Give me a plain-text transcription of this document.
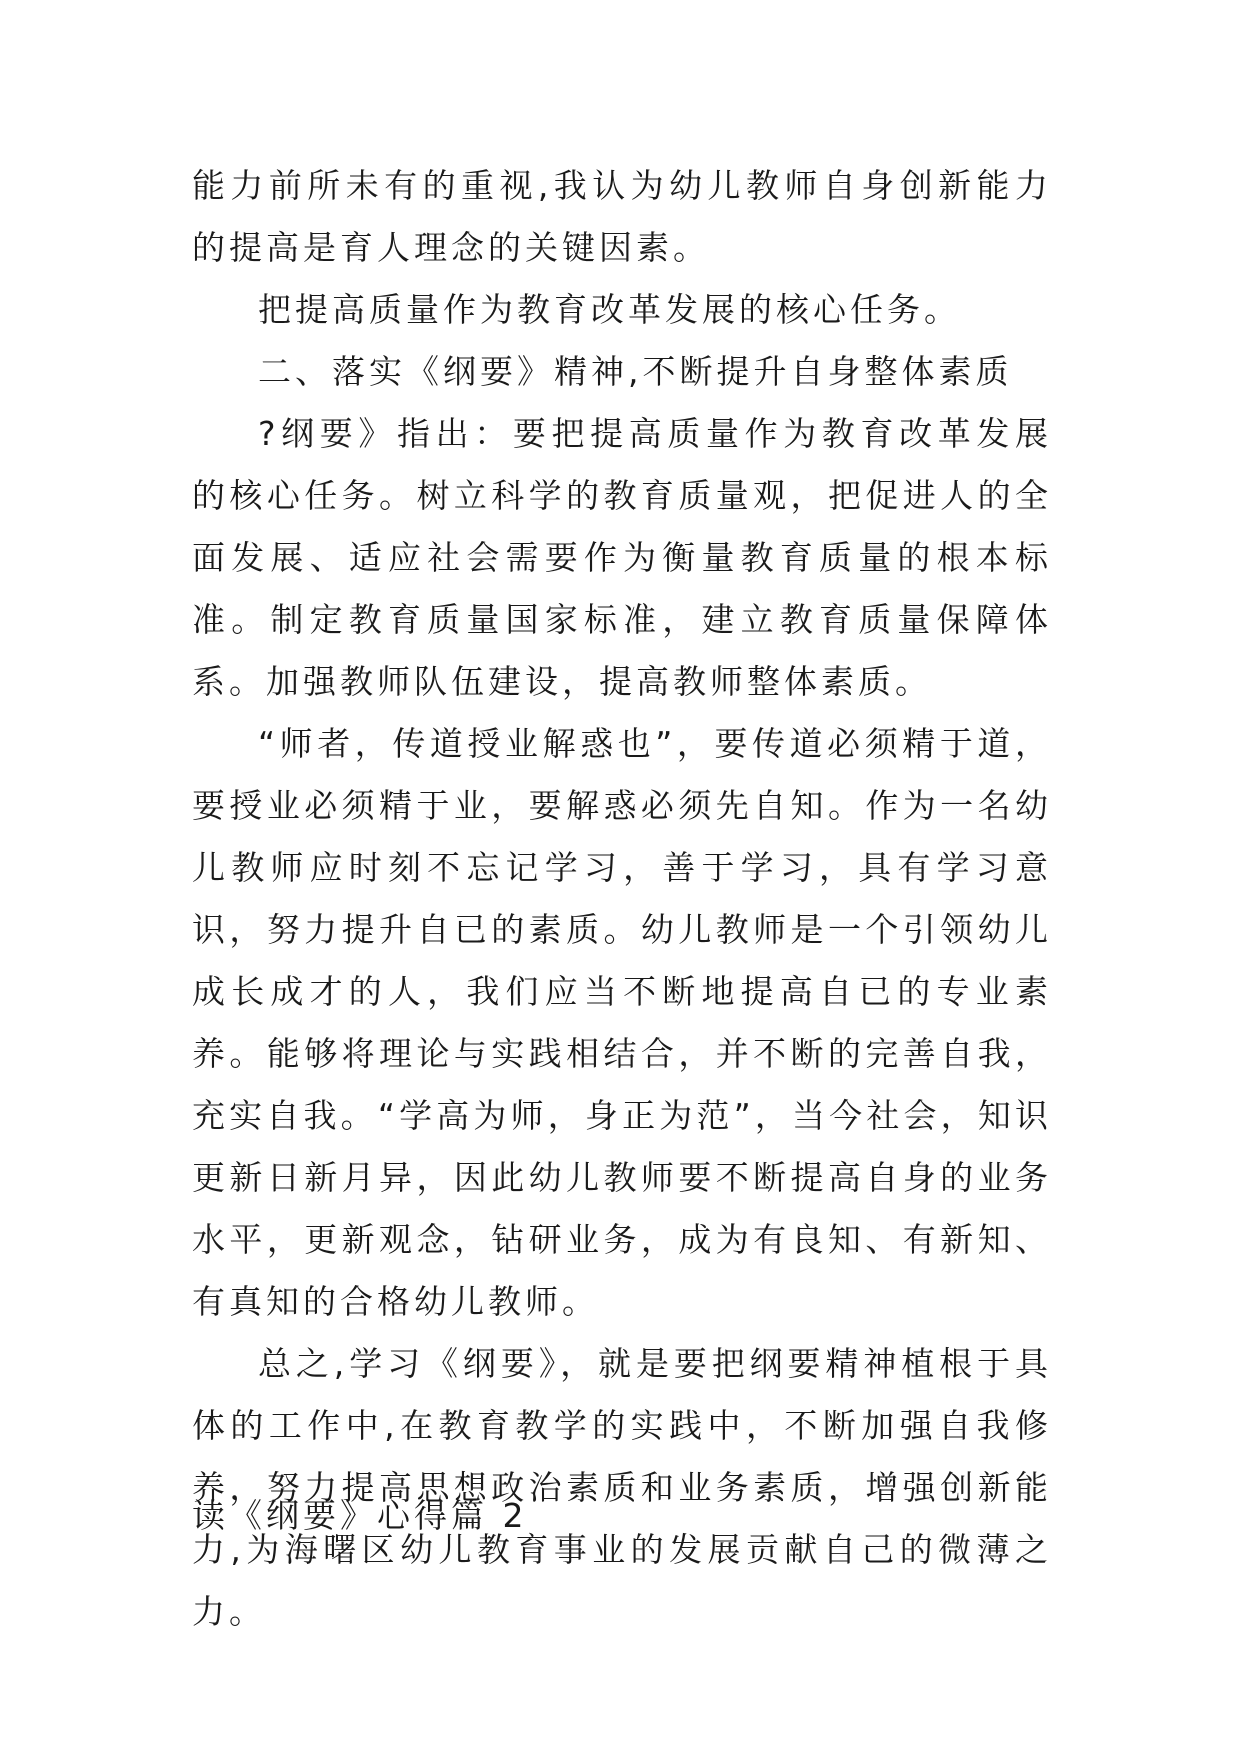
能力前所未有的重视,我认为幼儿教师自身创新能力的提高是育人理念的关键因素。

把提高质量作为教育改革发展的核心任务。

二、落实《纲要》精神,不断提升自身整体素质

?纲要》指出：要把提高质量作为教育改革发展的核心任务。树立科学的教育质量观，把促进人的全面发展、适应社会需要作为衡量教育质量的根本标准。制定教育质量国家标准，建立教育质量保障体系。加强教师队伍建设，提高教师整体素质。

“师者，传道授业解惑也”，要传道必须精于道，要授业必须精于业，要解惑必须先自知。作为一名幼儿教师应时刻不忘记学习，善于学习，具有学习意识，努力提升自已的素质。幼儿教师是一个引领幼儿成长成才的人，我们应当不断地提高自已的专业素养。能够将理论与实践相结合，并不断的完善自我，充实自我。“学高为师，身正为范”，当今社会，知识更新日新月异，因此幼儿教师要不断提高自身的业务水平，更新观念，钻研业务，成为有良知、有新知、有真知的合格幼儿教师。

总之,学习《纲要》，就是要把纲要精神植根于具体的工作中,在教育教学的实践中，不断加强自我修养，努力提高思想政治素质和业务素质，增强创新能力,为海曙区幼儿教育事业的发展贡献自己的微薄之力。

读《纲要》心得篇 2
